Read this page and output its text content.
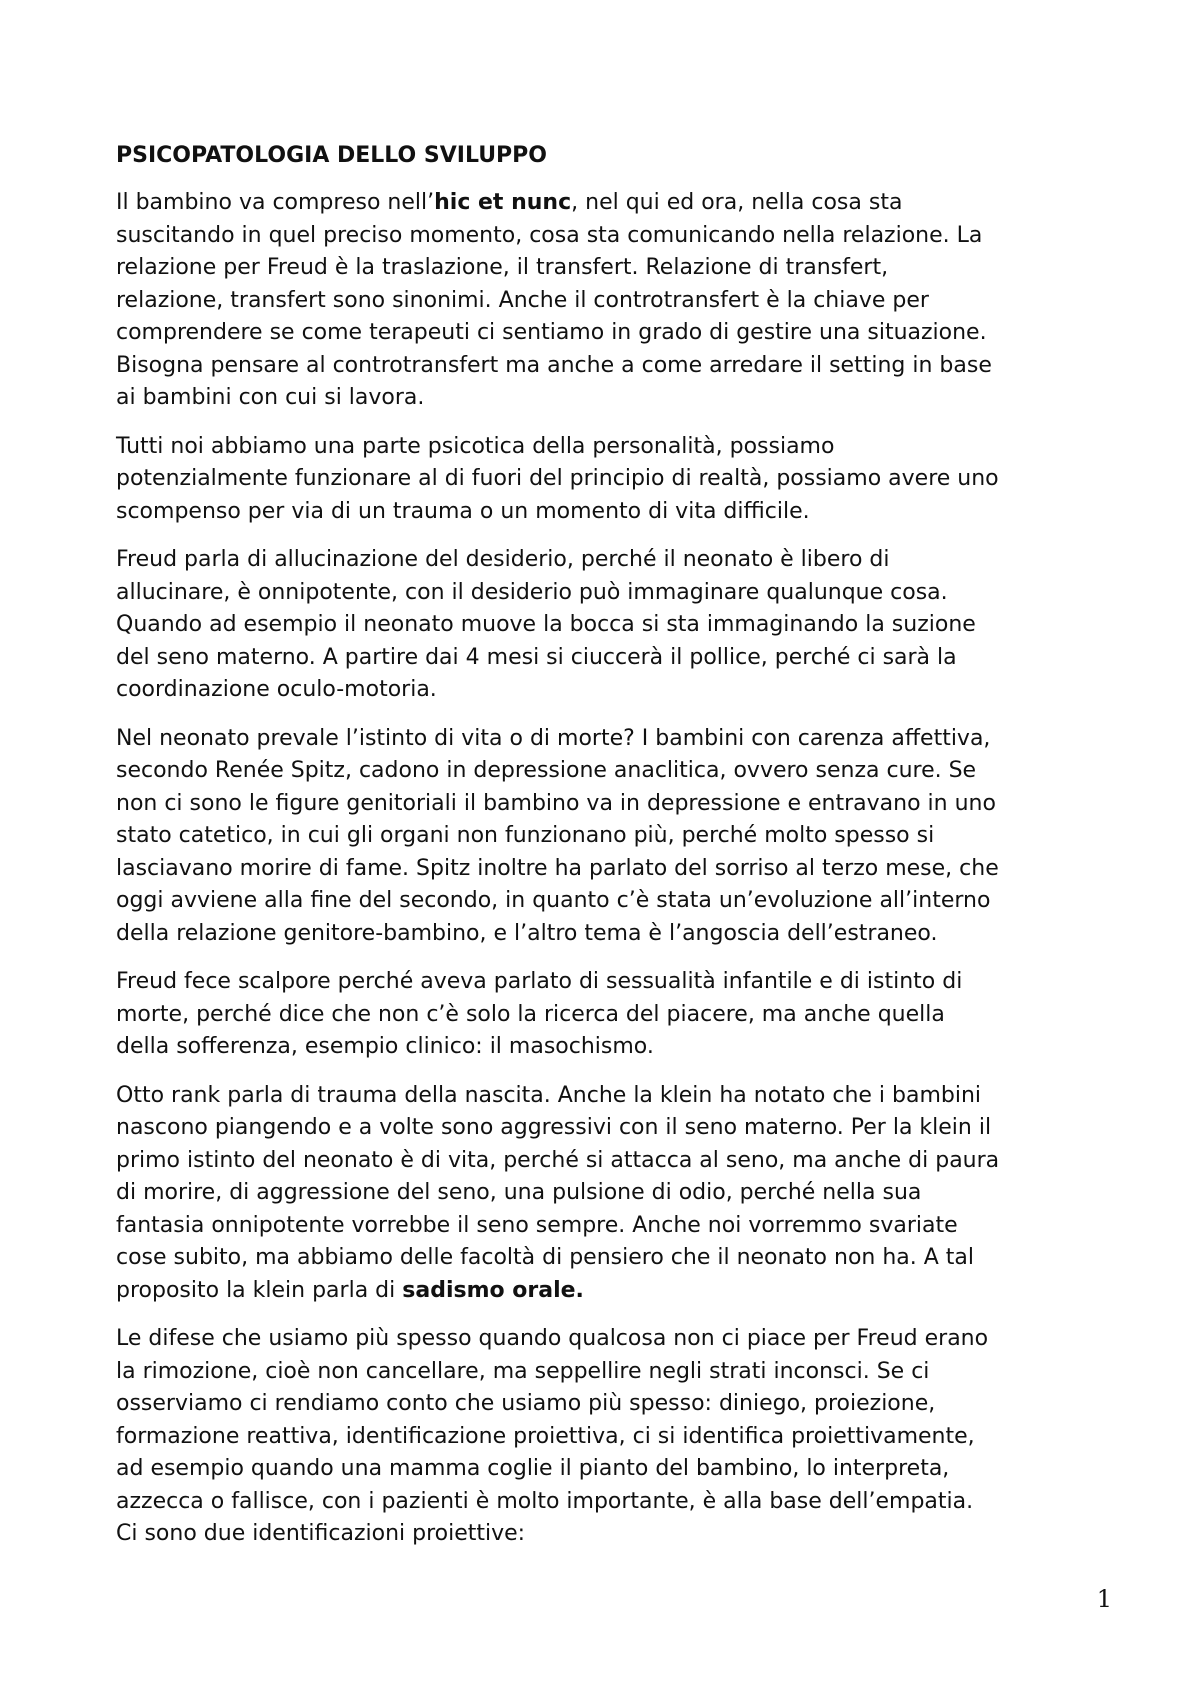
PSICOPATOLOGIA DELLO SVILUPPO
Il bambino va compreso nell’hic et nunc, nel qui ed ora, nella cosa sta
suscitando in quel preciso momento, cosa sta comunicando nella relazione. La
relazione per Freud è la traslazione, il transfert. Relazione di transfert,
relazione, transfert sono sinonimi. Anche il controtransfert è la chiave per
comprendere se come terapeuti ci sentiamo in grado di gestire una situazione.
Bisogna pensare al controtransfert ma anche a come arredare il setting in base
ai bambini con cui si lavora.
Tutti noi abbiamo una parte psicotica della personalità, possiamo
potenzialmente funzionare al di fuori del principio di realtà, possiamo avere uno
scompenso per via di un trauma o un momento di vita difficile.
Freud parla di allucinazione del desiderio, perché il neonato è libero di
allucinare, è onnipotente, con il desiderio può immaginare qualunque cosa.
Quando ad esempio il neonato muove la bocca si sta immaginando la suzione
del seno materno. A partire dai 4 mesi si ciuccerà il pollice, perché ci sarà la
coordinazione oculo-motoria.
Nel neonato prevale l’istinto di vita o di morte? I bambini con carenza affettiva,
secondo Renée Spitz, cadono in depressione anaclitica, ovvero senza cure. Se
non ci sono le figure genitoriali il bambino va in depressione e entravano in uno
stato catetico, in cui gli organi non funzionano più, perché molto spesso si
lasciavano morire di fame. Spitz inoltre ha parlato del sorriso al terzo mese, che
oggi avviene alla fine del secondo, in quanto c’è stata un’evoluzione all’interno
della relazione genitore-bambino, e l’altro tema è l’angoscia dell’estraneo.
Freud fece scalpore perché aveva parlato di sessualità infantile e di istinto di
morte, perché dice che non c’è solo la ricerca del piacere, ma anche quella
della sofferenza, esempio clinico: il masochismo.
Otto rank parla di trauma della nascita. Anche la klein ha notato che i bambini
nascono piangendo e a volte sono aggressivi con il seno materno. Per la klein il
primo istinto del neonato è di vita, perché si attacca al seno, ma anche di paura
di morire, di aggressione del seno, una pulsione di odio, perché nella sua
fantasia onnipotente vorrebbe il seno sempre. Anche noi vorremmo svariate
cose subito, ma abbiamo delle facoltà di pensiero che il neonato non ha. A tal
proposito la klein parla di sadismo orale.
Le difese che usiamo più spesso quando qualcosa non ci piace per Freud erano
la rimozione, cioè non cancellare, ma seppellire negli strati inconsci. Se ci
osserviamo ci rendiamo conto che usiamo più spesso: diniego, proiezione,
formazione reattiva, identificazione proiettiva, ci si identifica proiettivamente,
ad esempio quando una mamma coglie il pianto del bambino, lo interpreta,
azzecca o fallisce, con i pazienti è molto importante, è alla base dell’empatia.
Ci sono due identificazioni proiettive:
1
